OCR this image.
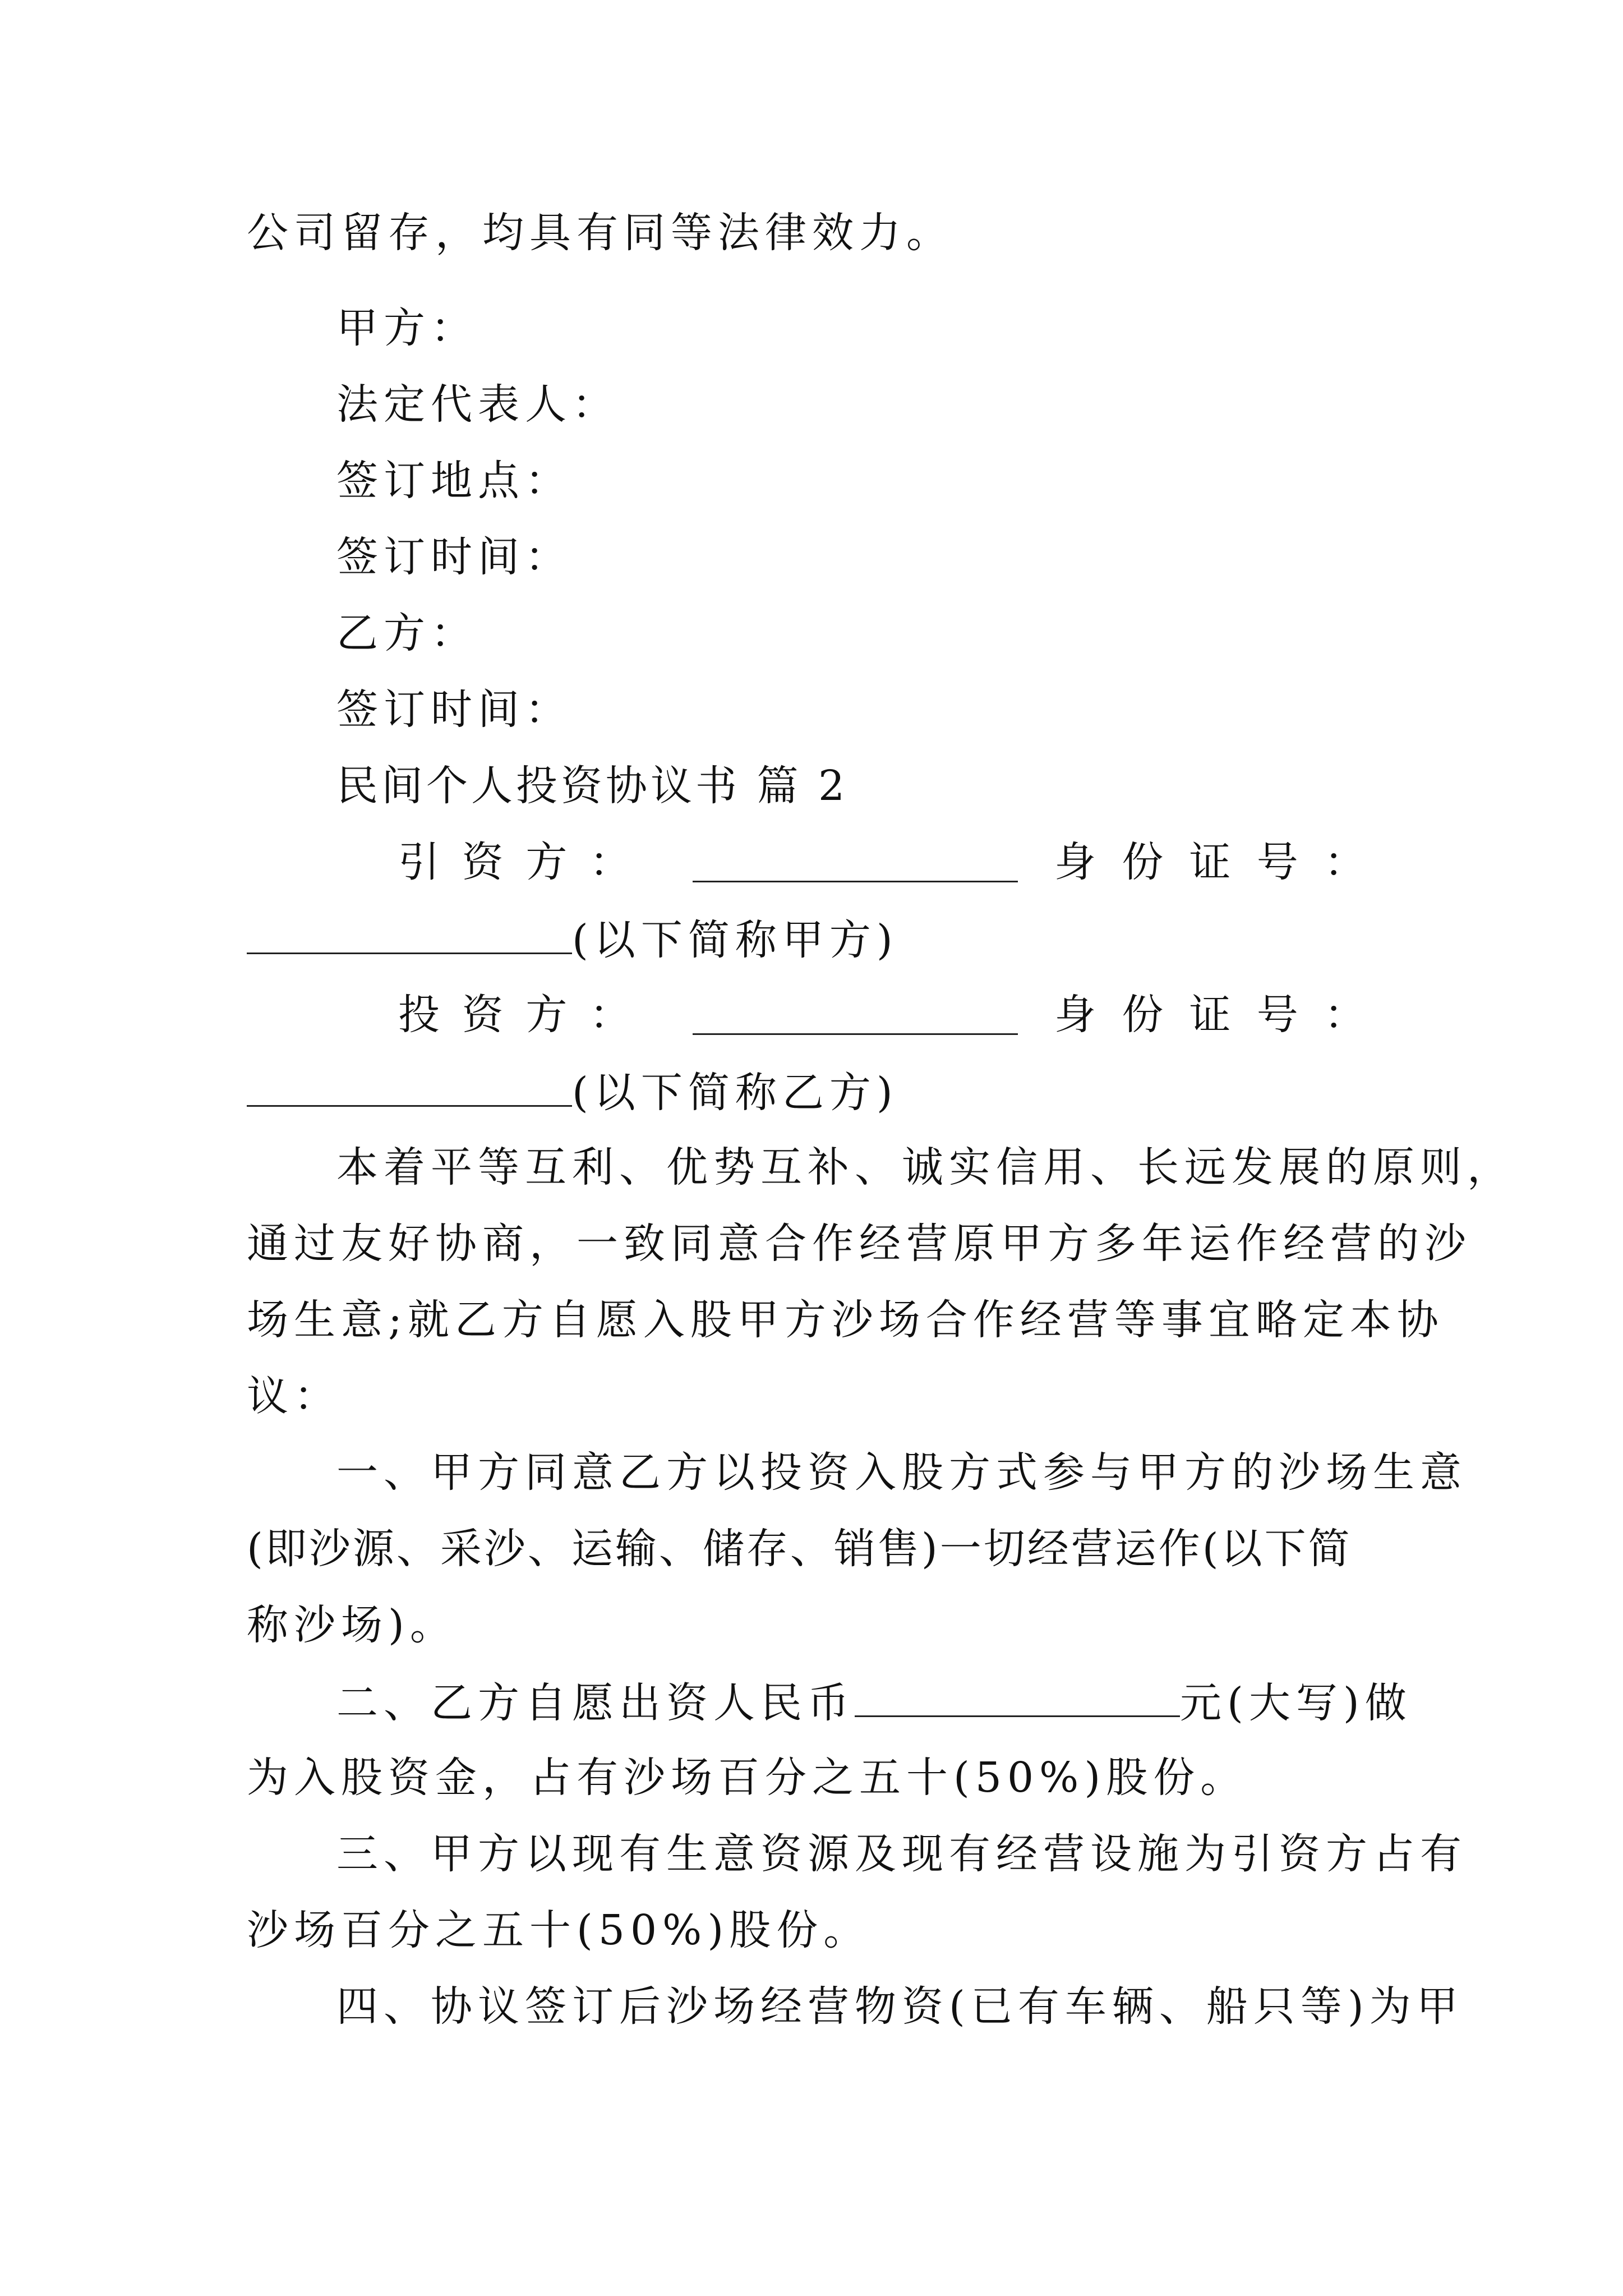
公司留存，均具有同等法律效力。
甲方：
法定代表人：
签订地点：
签订时间：
乙方：
签订时间：
民间个人投资协议书 篇 2
引 资 方 ：	身 份 证 号 ：
(以下简称甲方)
投 资 方 ：	身 份 证 号 ：
(以下简称乙方)
本着平等互利、优势互补、诚实信用、长远发展的原则，
通过友好协商，一致同意合作经营原甲方多年运作经营的沙
场生意;就乙方自愿入股甲方沙场合作经营等事宜略定本协
议：
一、甲方同意乙方以投资入股方式参与甲方的沙场生意
(即沙源、采沙、运输、储存、销售)一切经营运作(以下简
称沙场)。
二、乙方自愿出资人民币	元(大写)做
为入股资金，占有沙场百分之五十(50%)股份。
三、甲方以现有生意资源及现有经营设施为引资方占有
沙场百分之五十(50%)股份。
四、协议签订后沙场经营物资(已有车辆、船只等)为甲
